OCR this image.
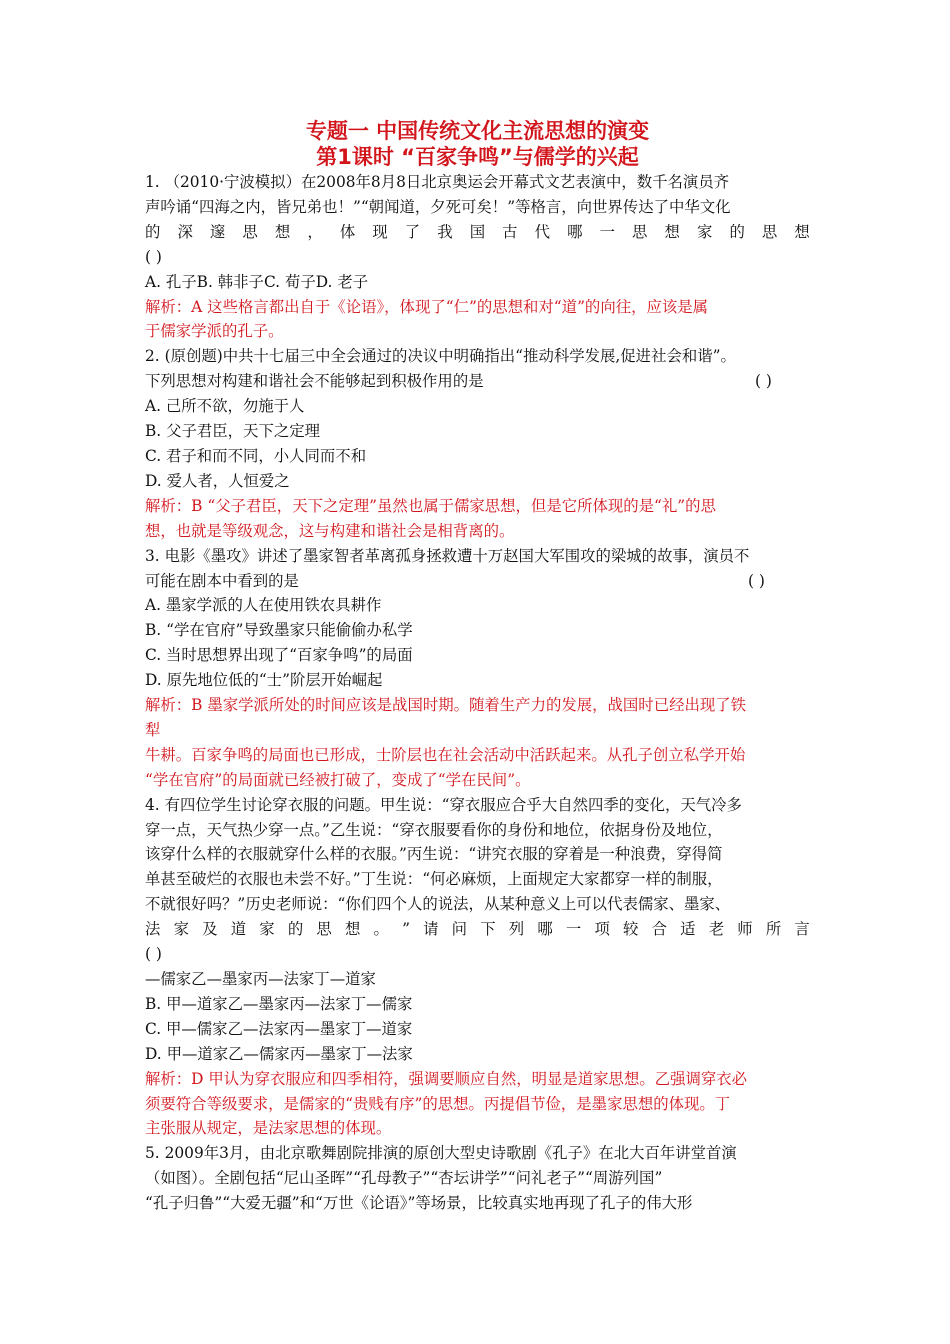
专题一 中国传统文化主流思想的演变
第1课时 “百家争鸣”与儒学的兴起
1. （2010·宁波模拟）在2008年8月8日北京奥运会开幕式文艺表演中，数千名演员齐
声吟诵“四海之内，皆兄弟也！”“朝闻道，夕死可矣！”等格言，向世界传达了中华文化
的 深 邃 思 想 ， 体 现 了 我 国 古 代 哪 一 思 想 家 的 思 想
( )
A. 孔子B. 韩非子C. 荀子D. 老子
解析：A 这些格言都出自于《论语》，体现了“仁”的思想和对“道”的向往，应该是属
于儒家学派的孔子。
2. (原创题)中共十七届三中全会通过的决议中明确指出“推动科学发展,促进社会和谐”。
下列思想对构建和谐社会不能够起到积极作用的是	( )
A. 己所不欲，勿施于人
B. 父子君臣，天下之定理
C. 君子和而不同，小人同而不和
D. 爱人者，人恒爱之
解析：B “父子君臣，天下之定理”虽然也属于儒家思想，但是它所体现的是“礼”的思
想，也就是等级观念，这与构建和谐社会是相背离的。
3. 电影《墨攻》讲述了墨家智者革离孤身拯救遭十万赵国大军围攻的梁城的故事，演员不
可能在剧本中看到的是	( )
A. 墨家学派的人在使用铁农具耕作
B. “学在官府”导致墨家只能偷偷办私学
C. 当时思想界出现了“百家争鸣”的局面
D. 原先地位低的“士”阶层开始崛起
解析：B 墨家学派所处的时间应该是战国时期。随着生产力的发展，战国时已经出现了铁
犁
牛耕。百家争鸣的局面也已形成，士阶层也在社会活动中活跃起来。从孔子创立私学开始
“学在官府”的局面就已经被打破了，变成了“学在民间”。
4. 有四位学生讨论穿衣服的问题。甲生说：“穿衣服应合乎大自然四季的变化，天气冷多
穿一点，天气热少穿一点。”乙生说：“穿衣服要看你的身份和地位，依据身份及地位，
该穿什么样的衣服就穿什么样的衣服。”丙生说：“讲究衣服的穿着是一种浪费，穿得简
单甚至破烂的衣服也未尝不好。”丁生说：“何必麻烦，上面规定大家都穿一样的制服，
不就很好吗？”历史老师说：“你们四个人的说法，从某种意义上可以代表儒家、墨家、
法 家 及 道 家 的 思 想 。 ” 请 问 下 列 哪 一 项 较 合 适 老 师 所 言
( )
—儒家乙—墨家丙—法家丁—道家
B. 甲—道家乙—墨家丙—法家丁—儒家
C. 甲—儒家乙—法家丙—墨家丁—道家
D. 甲—道家乙—儒家丙—墨家丁—法家
解析：D 甲认为穿衣服应和四季相符，强调要顺应自然，明显是道家思想。乙强调穿衣必
须要符合等级要求，是儒家的“贵贱有序”的思想。丙提倡节俭，是墨家思想的体现。丁
主张服从规定，是法家思想的体现。
5. 2009年3月，由北京歌舞剧院排演的原创大型史诗歌剧《孔子》在北大百年讲堂首演
（如图）。全剧包括“尼山圣晖”“孔母教子”“杏坛讲学”“问礼老子”“周游列国”
“孔子归鲁”“大爱无疆”和“万世《论语》”等场景，比较真实地再现了孔子的伟大形
